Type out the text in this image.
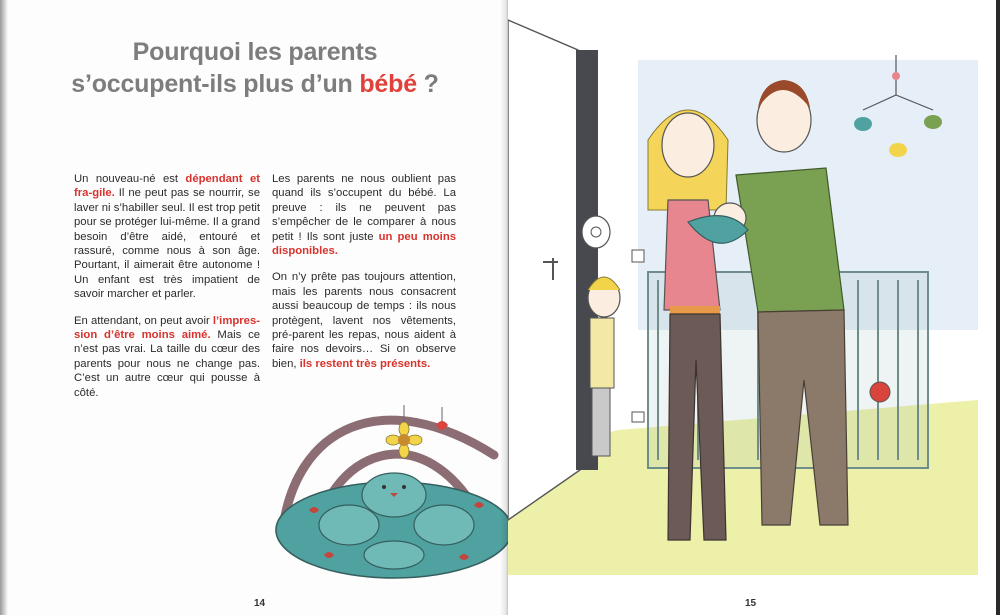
Pourquoi les parents
s’occupent-ils plus d’un bébé ?

Un nouveau-né est dépendant et fra-gile. Il ne peut pas se nourrir, se laver ni s’habiller seul. Il est trop petit pour se protéger lui-même. Il a grand besoin d’être aidé, entouré et rassuré, comme nous à son âge. Pourtant, il aimerait être autonome ! Un enfant est très impatient de savoir marcher et parler.

En attendant, on peut avoir l’impres-sion d’être moins aimé. Mais ce n’est pas vrai. La taille du cœur des parents pour nous ne change pas. C’est un autre cœur qui pousse à côté.

Les parents ne nous oublient pas quand ils s’occupent du bébé. La preuve : ils ne peuvent pas s’empêcher de le comparer à nous petit ! Ils sont juste un peu moins disponibles.

On n’y prête pas toujours attention, mais les parents nous consacrent aussi beaucoup de temps : ils nous protègent, lavent nos vêtements, pré-parent les repas, nous aident à faire nos devoirs… Si on observe bien, ils restent très présents.

14	15
